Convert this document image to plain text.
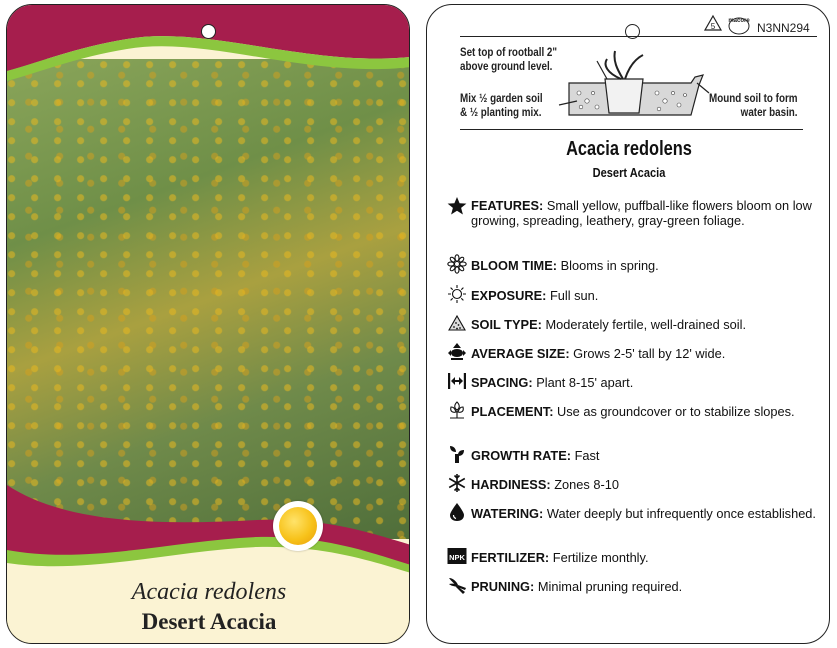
Acacia redolens
Desert Acacia
5
macore N3NN294
Set top of rootball 2"
above ground level.
Mix ½ garden soil
& ½ planting mix.
Mound soil to form
water basin.
Acacia redolens
Desert Acacia
FEATURES: Small yellow, puffball-like flowers bloom on low growing, spreading, leathery, gray-green foliage.
BLOOM TIME: Blooms in spring.
EXPOSURE: Full sun.
SOIL TYPE: Moderately fertile, well-drained soil.
AVERAGE SIZE: Grows 2-5' tall by 12' wide.
SPACING: Plant 8-15' apart.
PLACEMENT: Use as groundcover or to stabilize slopes.
GROWTH RATE: Fast
HARDINESS: Zones 8-10
WATERING: Water deeply but infrequently once established.
NPK FERTILIZER: Fertilize monthly.
PRUNING: Minimal pruning required.
